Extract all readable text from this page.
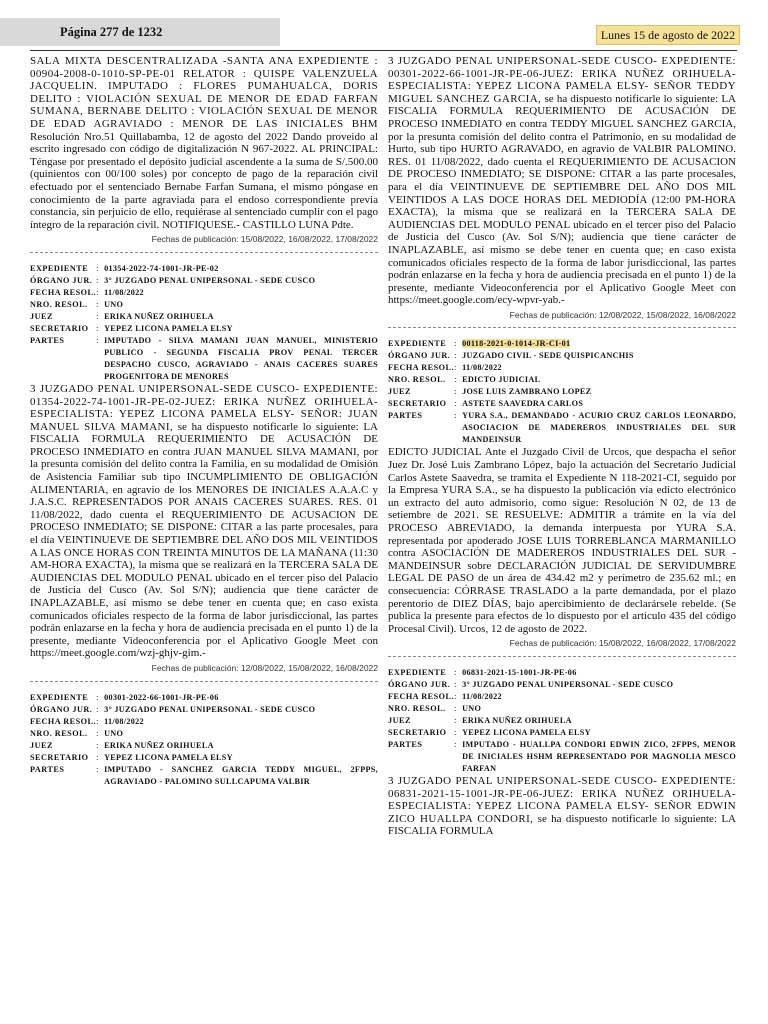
Página 277 de 1232	Lunes 15 de agosto de 2022

SALA MIXTA DESCENTRALIZADA -SANTA ANA EXPEDIENTE : 00904-2008-0-1010-SP-PE-01 RELATOR : QUISPE VALENZUELA JACQUELIN. IMPUTADO : FLORES PUMAHUALCA, DORIS DELITO : VIOLACIÓN SEXUAL DE MENOR DE EDAD FARFAN SUMANA, BERNABE DELITO : VIOLACIÓN SEXUAL DE MENOR DE EDAD AGRAVIADO : MENOR DE LAS INICIALES BHM Resolución Nro.51 Quillabamba, 12 de agosto del 2022 Dando proveido al escrito ingresado con código de digitalización N 967-2022. AL PRINCIPAL: Téngase por presentado el depósito judicial ascendente a la suma de S/.500.00 (quinientos con 00/100 soles) por concepto de pago de la reparación civil efectuado por el sentenciado Bernabe Farfan Sumana, el mismo póngase en conocimiento de la parte agraviada para el endoso correspondiente previa constancia, sin perjuicio de ello, requiérase al sentenciado cumplir con el pago íntegro de la reparación civil. NOTIFIQUESE.- CASTILLO LUNA Pdte.

Fechas de publicación: 15/08/2022, 16/08/2022, 17/08/2022
EXPEDIENTE	:	01354-2022-74-1001-JR-PE-02
ÓRGANO JUR.	:	3° JUZGADO PENAL UNIPERSONAL - SEDE CUSCO
FECHA RESOL.	:	11/08/2022
NRO. RESOL.	:	UNO
JUEZ	:	ERIKA NUÑEZ ORIHUELA
SECRETARIO	:	YEPEZ LICONA PAMELA ELSY
PARTES	:	IMPUTADO - SILVA MAMANI JUAN MANUEL, MINISTERIO PUBLICO - SEGUNDA FISCALIA PROV PENAL TERCER DESPACHO CUSCO, AGRAVIADO - ANAIS CACERES SUARES PROGENITORA DE MENORES

3 JUZGADO PENAL UNIPERSONAL-SEDE CUSCO- EXPEDIENTE: 01354-2022-74-1001-JR-PE-02-JUEZ: ERIKA NUÑEZ ORIHUELA-ESPECIALISTA: YEPEZ LICONA PAMELA ELSY- SEÑOR: JUAN MANUEL SILVA MAMANI, se ha dispuesto notificarle lo siguiente: LA FISCALIA FORMULA REQUERIMIENTO DE ACUSACIÓN DE PROCESO INMEDIATO en contra JUAN MANUEL SILVA MAMANI, por la presunta comisión del delito contra la Familia, en su modalidad de Omisión de Asistencia Familiar sub tipo INCUMPLIMIENTO DE OBLIGACIÓN ALIMENTARIA, en agravio de los MENORES DE INICIALES A.A.A.C y J.A.S.C. REPRESENTADOS POR ANAIS CACERES SUARES. RES. 01 11/08/2022, dado cuenta el REQUERIMIENTO DE ACUSACION DE PROCESO INMEDIATO; SE DISPONE: CITAR a las parte procesales, para el día VEINTINUEVE DE SEPTIEMBRE DEL AÑO DOS MIL VEINTIDOS A LAS ONCE HORAS CON TREINTA MINUTOS DE LA MAÑANA (11:30 AM-HORA EXACTA), la misma que se realizará en la TERCERA SALA DE AUDIENCIAS DEL MODULO PENAL ubicado en el tercer piso del Palacio de Justicia del Cusco (Av. Sol S/N); audiencia que tiene carácter de INAPLAZABLE, así mismo se debe tener en cuenta que; en caso exista comunicados oficiales respecto de la forma de labor jurisdiccional, las partes podrán enlazarse en la fecha y hora de audiencia precisada en el punto 1) de la presente, mediante Videoconferencia por el Aplicativo Google Meet con https://meet.google.com/wzj-ghjv-gim.-

Fechas de publicación: 12/08/2022, 15/08/2022, 16/08/2022
EXPEDIENTE	:	00301-2022-66-1001-JR-PE-06
ÓRGANO JUR.	:	3° JUZGADO PENAL UNIPERSONAL - SEDE CUSCO
FECHA RESOL.	:	11/08/2022
NRO. RESOL.	:	UNO
JUEZ	:	ERIKA NUÑEZ ORIHUELA
SECRETARIO	:	YEPEZ LICONA PAMELA ELSY
PARTES	:	IMPUTADO - SANCHEZ GARCIA TEDDY MIGUEL, 2FPPS, AGRAVIADO - PALOMINO SULLCAPUMA VALBIR

3 JUZGADO PENAL UNIPERSONAL-SEDE CUSCO- EXPEDIENTE: 00301-2022-66-1001-JR-PE-06-JUEZ: ERIKA NUÑEZ ORIHUELA-ESPECIALISTA: YEPEZ LICONA PAMELA ELSY- SEÑOR TEDDY MIGUEL SANCHEZ GARCIA, se ha dispuesto notificarle lo siguiente: LA FISCALIA FORMULA REQUERIMIENTO DE ACUSACIÓN DE PROCESO INMEDIATO en contra TEDDY MIGUEL SANCHEZ GARCIA, por la presunta comisión del delito contra el Patrimonio, en su modalidad de Hurto, sub tipo HURTO AGRAVADO, en agravio de VALBIR PALOMINO. RES. 01 11/08/2022, dado cuenta el REQUERIMIENTO DE ACUSACION DE PROCESO INMEDIATO; SE DISPONE: CITAR a las parte procesales, para el día VEINTINUEVE DE SEPTIEMBRE DEL AÑO DOS MIL VEINTIDOS A LAS DOCE HORAS DEL MEDIODÍA (12:00 PM-HORA EXACTA), la misma que se realizará en la TERCERA SALA DE AUDIENCIAS DEL MODULO PENAL ubicado en el tercer piso del Palacio de Justicia del Cusco (Av. Sol S/N); audiencia que tiene carácter de INAPLAZABLE, así mismo se debe tener en cuenta que; en caso exista comunicados oficiales respecto de la forma de labor jurisdiccional, las partes podrán enlazarse en la fecha y hora de audiencia precisada en el punto 1) de la presente, mediante Videoconferencia por el Aplicativo Google Meet con https://meet.google.com/ecy-wpvr-yab.-

Fechas de publicación: 12/08/2022, 15/08/2022, 16/08/2022
EXPEDIENTE	:	00118-2021-0-1014-JR-CI-01
ÓRGANO JUR.	:	JUZGADO CIVIL - SEDE QUISPICANCHIS
FECHA RESOL.	:	11/08/2022
NRO. RESOL.	:	EDICTO JUDICIAL
JUEZ	:	JOSE LUIS ZAMBRANO LOPEZ
SECRETARIO	:	ASTETE SAAVEDRA CARLOS
PARTES	:	YURA S.A., DEMANDADO - ACURIO CRUZ CARLOS LEONARDO, ASOCIACION DE MADEREROS INDUSTRIALES DEL SUR MANDEINSUR

EDICTO JUDICIAL Ante el Juzgado Civil de Urcos, que despacha el señor Juez Dr. José Luis Zambrano López, bajo la actuación del Secretario Judicial Carlos Astete Saavedra, se tramita el Expediente N 118-2021-CI, seguido por la Empresa YURA S.A., se ha dispuesto la publicación vía edicto electrónico un extracto del auto admisorio, como sigue: Resolución N 02, de 13 de setiembre de 2021. SE RESUELVE: ADMITIR a trámite en la vía del PROCESO ABREVIADO, la demanda interpuesta por YURA S.A. representada por apoderado JOSE LUIS TORREBLANCA MARMANILLO contra ASOCIACIÓN DE MADEREROS INDUSTRIALES DEL SUR - MANDEINSUR sobre DECLARACIÓN JUDICIAL DE SERVIDUMBRE LEGAL DE PASO de un área de 434.42 m2 y perímetro de 235.62 ml.; en consecuencia: CÓRRASE TRASLADO a la parte demandada, por el plazo perentorio de DIEZ DÍAS, bajo apercibimiento de declarársele rebelde. (Se publica la presente para efectos de lo dispuesto por el artículo 435 del código Procesal Civil). Urcos, 12 de agosto de 2022.

Fechas de publicación: 15/08/2022, 16/08/2022, 17/08/2022
EXPEDIENTE	:	06831-2021-15-1001-JR-PE-06
ÓRGANO JUR.	:	3° JUZGADO PENAL UNIPERSONAL - SEDE CUSCO
FECHA RESOL.	:	11/08/2022
NRO. RESOL.	:	UNO
JUEZ	:	ERIKA NUÑEZ ORIHUELA
SECRETARIO	:	YEPEZ LICONA PAMELA ELSY
PARTES	:	IMPUTADO - HUALLPA CONDORI EDWIN ZICO, 2FPPS, MENOR DE INICIALES HSHM REPRESENTADO POR MAGNOLIA MESCO FARFAN

3 JUZGADO PENAL UNIPERSONAL-SEDE CUSCO- EXPEDIENTE: 06831-2021-15-1001-JR-PE-06-JUEZ: ERIKA NUÑEZ ORIHUELA-ESPECIALISTA: YEPEZ LICONA PAMELA ELSY- SEÑOR EDWIN ZICO HUALLPA CONDORI, se ha dispuesto notificarle lo siguiente: LA FISCALIA FORMULA
